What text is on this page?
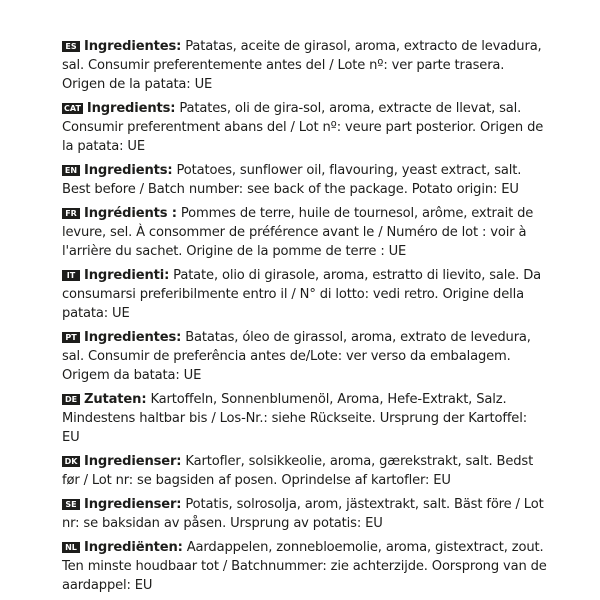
ES Ingredientes: Patatas, aceite de girasol, aroma, extracto de levadura, sal. Consumir preferentemente antes del / Lote nº: ver parte trasera. Origen de la patata: UE
CAT Ingredients: Patates, oli de gira-sol, aroma, extracte de llevat, sal. Consumir preferentment abans del / Lot nº: veure part posterior. Origen de la patata: UE
EN Ingredients: Potatoes, sunflower oil, flavouring, yeast extract, salt. Best before / Batch number: see back of the package. Potato origin: EU
FR Ingrédients : Pommes de terre, huile de tournesol, arôme, extrait de levure, sel. À consommer de préférence avant le / Numéro de lot : voir à l'arrière du sachet. Origine de la pomme de terre : UE
IT Ingredienti: Patate, olio di girasole, aroma, estratto di lievito, sale. Da consumarsi preferibilmente entro il / N° di lotto: vedi retro. Origine della patata: UE
PT Ingredientes: Batatas, óleo de girassol, aroma, extrato de levedura, sal. Consumir de preferência antes de/Lote: ver verso da embalagem. Origem da batata: UE
DE Zutaten: Kartoffeln, Sonnenblumenöl, Aroma, Hefe-Extrakt, Salz. Mindestens haltbar bis / Los-Nr.: siehe Rückseite. Ursprung der Kartoffel: EU
DK Ingredienser: Kartofler, solsikkeolie, aroma, gærekstrakt, salt. Bedst før / Lot nr: se bagsiden af posen. Oprindelse af kartofler: EU
SE Ingredienser: Potatis, solrosolja, arom, jästextrakt, salt. Bäst före / Lot nr: se baksidan av påsen. Ursprung av potatis: EU
NL Ingrediënten: Aardappelen, zonnebloemolie, aroma, gistextract, zout. Ten minste houdbaar tot / Batchnummer: zie achterzijde. Oorsprong van de aardappel: EU
